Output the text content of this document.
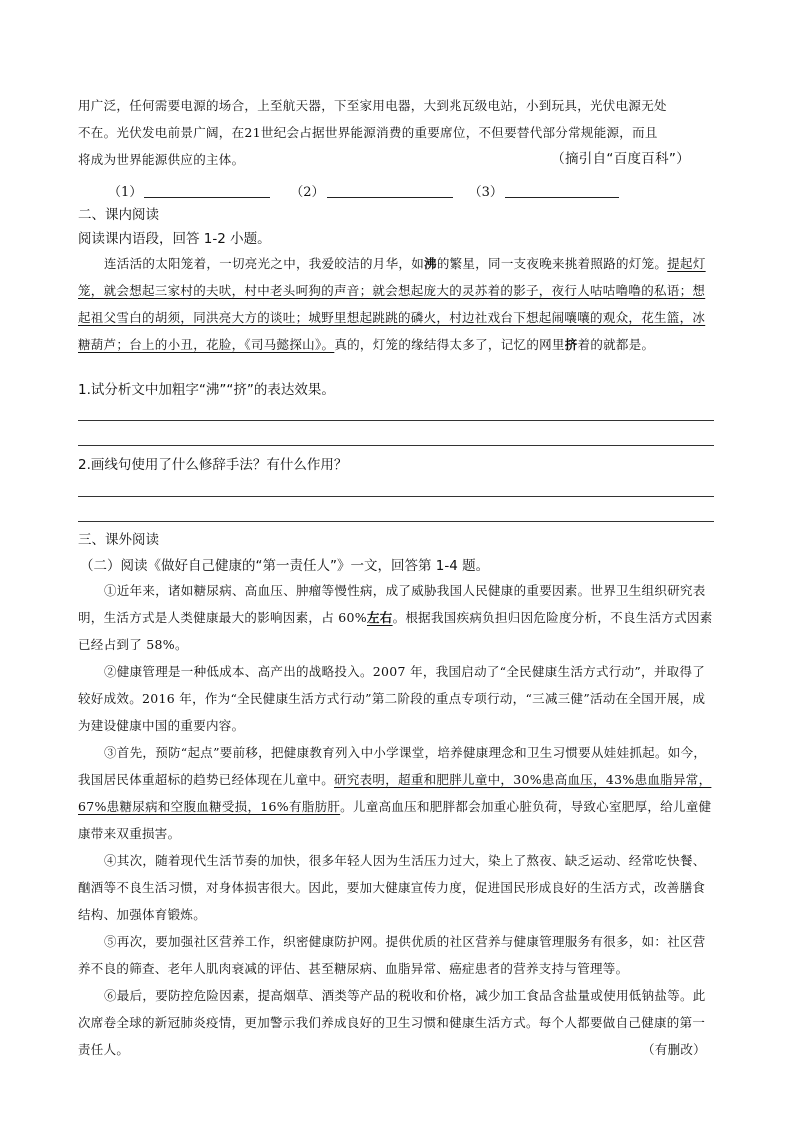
用广泛，任何需要电源的场合，上至航天器，下至家用电器，大到兆瓦级电站，小到玩具，光伏电源无处

不在。光伏发电前景广阔，在21世纪会占据世界能源消费的重要席位，不但要替代部分常规能源，而且

将成为世界能源供应的主体。	（摘引自“百度百科”）

（1）	（2）	（3）
二、课内阅读
阅读课内语段，回答 1-2 小题。

连活活的太阳笼着，一切亮光之中，我爱皎洁的月华，如沸的繁星，同一支夜晚来挑着照路的灯笼。提起灯笼，就会想起三家村的夫吠，村中老头呵狗的声音；就会想起庞大的灵苏着的影子，夜行人咕咕噜噜的私语；想起祖父雪白的胡须，同洪亮大方的谈吐；城野里想起跳跳的磷火，村边社戏台下想起闹嚷嚷的观众，花生篮，冰糖葫芦；台上的小丑，花脸，《司马懿探山》。真的，灯笼的缘结得太多了，记忆的网里挤着的就都是。

1.试分析文中加粗字“沸”“挤”的表达效果。
2.画线句使用了什么修辞手法？有什么作用？
三、课外阅读
（二）阅读《做好自己健康的“第一责任人”》一文，回答第 1-4 题。

①近年来，诸如糖尿病、高血压、肿瘤等慢性病，成了威胁我国人民健康的重要因素。世界卫生组织研究表明，生活方式是人类健康最大的影响因素，占 60%左右。根据我国疾病负担归因危险度分析，不良生活方式因素已经占到了 58%。

②健康管理是一种低成本、高产出的战略投入。2007 年，我国启动了“全民健康生活方式行动”，并取得了较好成效。2016 年，作为“全民健康生活方式行动”第二阶段的重点专项行动，“三减三健”活动在全国开展，成为建设健康中国的重要内容。

③首先，预防“起点”要前移，把健康教育列入中小学课堂，培养健康理念和卫生习惯要从娃娃抓起。如今，我国居民体重超标的趋势已经体现在儿童中。研究表明，超重和肥胖儿童中，30%患高血压，43%患血脂异常，67%患糖尿病和空腹血糖受损，16%有脂肪肝。儿童高血压和肥胖都会加重心脏负荷，导致心室肥厚，给儿童健康带来双重损害。

④其次，随着现代生活节奏的加快，很多年轻人因为生活压力过大，染上了熬夜、缺乏运动、经常吃快餐、酗酒等不良生活习惯，对身体损害很大。因此，要加大健康宣传力度，促进国民形成良好的生活方式，改善膳食结构、加强体育锻炼。

⑤再次，要加强社区营养工作，织密健康防护网。提供优质的社区营养与健康管理服务有很多，如：社区营养不良的筛查、老年人肌肉衰减的评估、甚至糖尿病、血脂异常、癌症患者的营养支持与管理等。

⑥最后，要防控危险因素，提高烟草、酒类等产品的税收和价格，减少加工食品含盐量或使用低钠盐等。此次席卷全球的新冠肺炎疫情，更加警示我们养成良好的卫生习惯和健康生活方式。每个人都要做自己健康的第一责任人。	（有删改）
